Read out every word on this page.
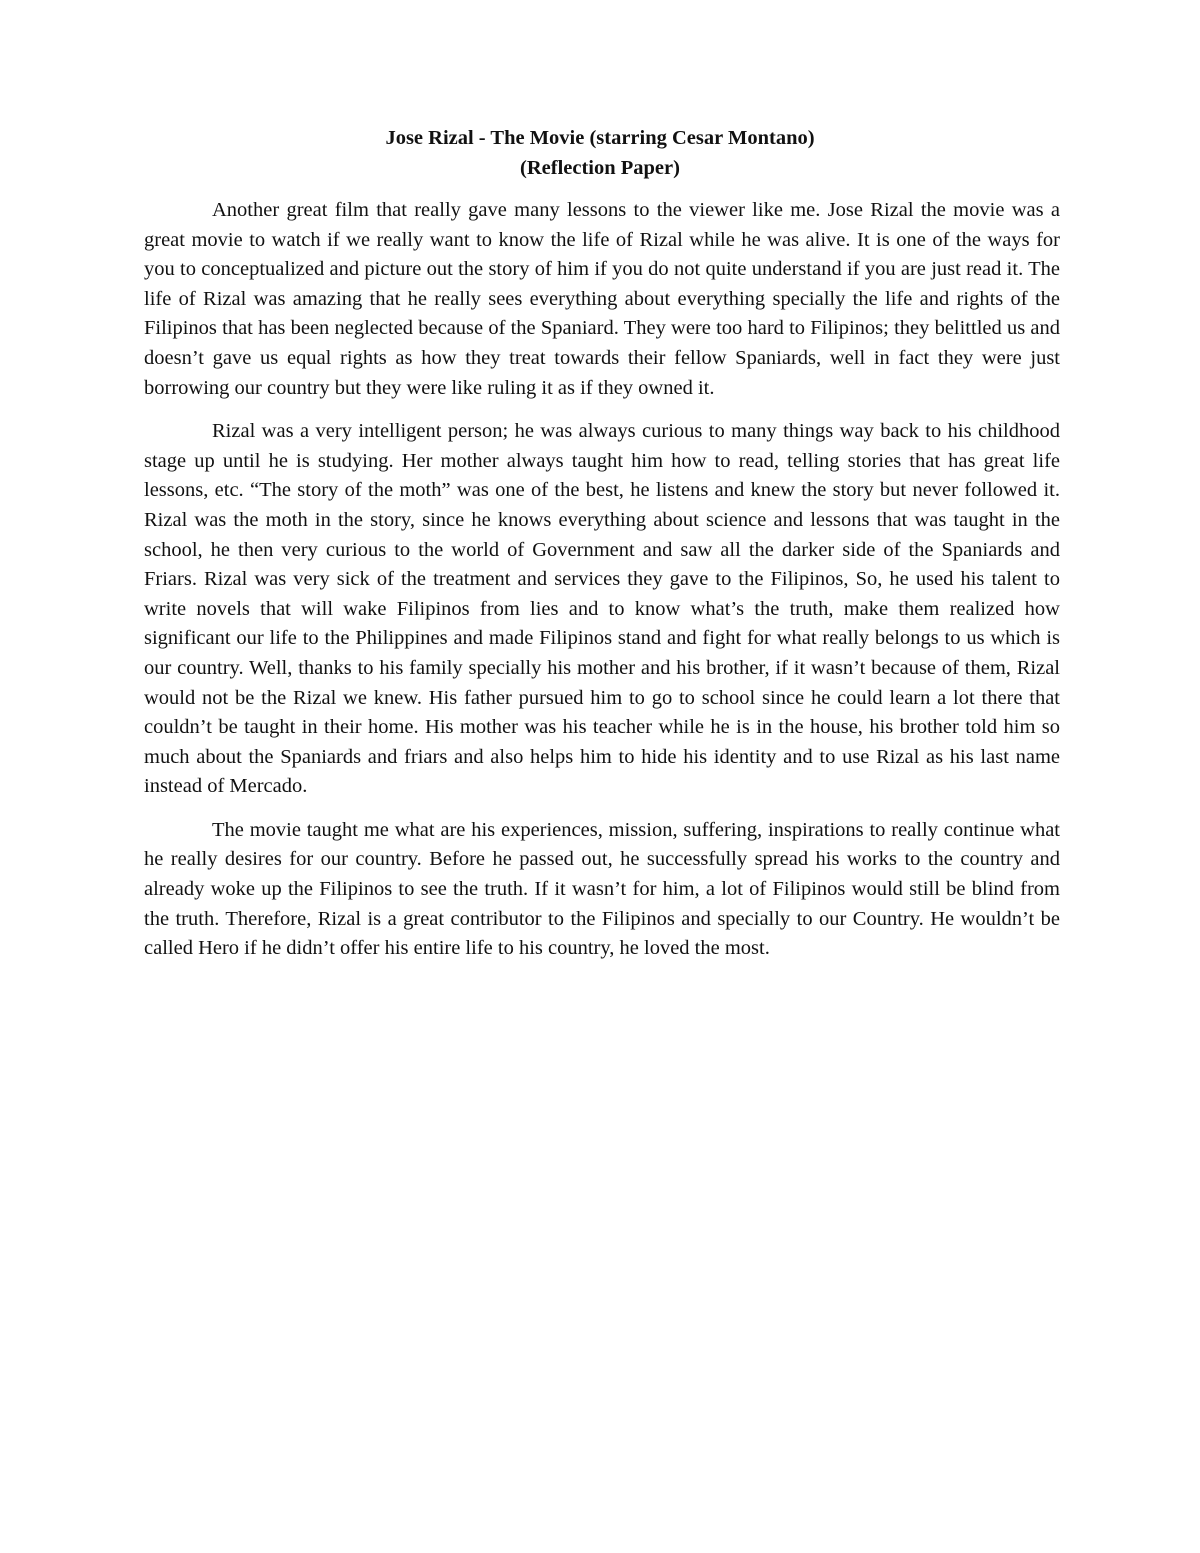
Jose Rizal - The Movie (starring Cesar Montano)
(Reflection Paper)

Another great film that really gave many lessons to the viewer like me. Jose Rizal the movie was a great movie to watch if we really want to know the life of Rizal while he was alive. It is one of the ways for you to conceptualized and picture out the story of him if you do not quite understand if you are just read it. The life of Rizal was amazing that he really sees everything about everything specially the life and rights of the Filipinos that has been neglected because of the Spaniard. They were too hard to Filipinos; they belittled us and doesn’t gave us equal rights as how they treat towards their fellow Spaniards, well in fact they were just borrowing our country but they were like ruling it as if they owned it.

Rizal was a very intelligent person; he was always curious to many things way back to his childhood stage up until he is studying. Her mother always taught him how to read, telling stories that has great life lessons, etc. “The story of the moth” was one of the best, he listens and knew the story but never followed it. Rizal was the moth in the story, since he knows everything about science and lessons that was taught in the school, he then very curious to the world of Government and saw all the darker side of the Spaniards and Friars. Rizal was very sick of the treatment and services they gave to the Filipinos, So, he used his talent to write novels that will wake Filipinos from lies and to know what’s the truth, make them realized how significant our life to the Philippines and made Filipinos stand and fight for what really belongs to us which is our country. Well, thanks to his family specially his mother and his brother, if it wasn’t because of them, Rizal would not be the Rizal we knew. His father pursued him to go to school since he could learn a lot there that couldn’t be taught in their home. His mother was his teacher while he is in the house, his brother told him so much about the Spaniards and friars and also helps him to hide his identity and to use Rizal as his last name instead of Mercado.

The movie taught me what are his experiences, mission, suffering, inspirations to really continue what he really desires for our country. Before he passed out, he successfully spread his works to the country and already woke up the Filipinos to see the truth. If it wasn’t for him, a lot of Filipinos would still be blind from the truth. Therefore, Rizal is a great contributor to the Filipinos and specially to our Country. He wouldn’t be called Hero if he didn’t offer his entire life to his country, he loved the most.
